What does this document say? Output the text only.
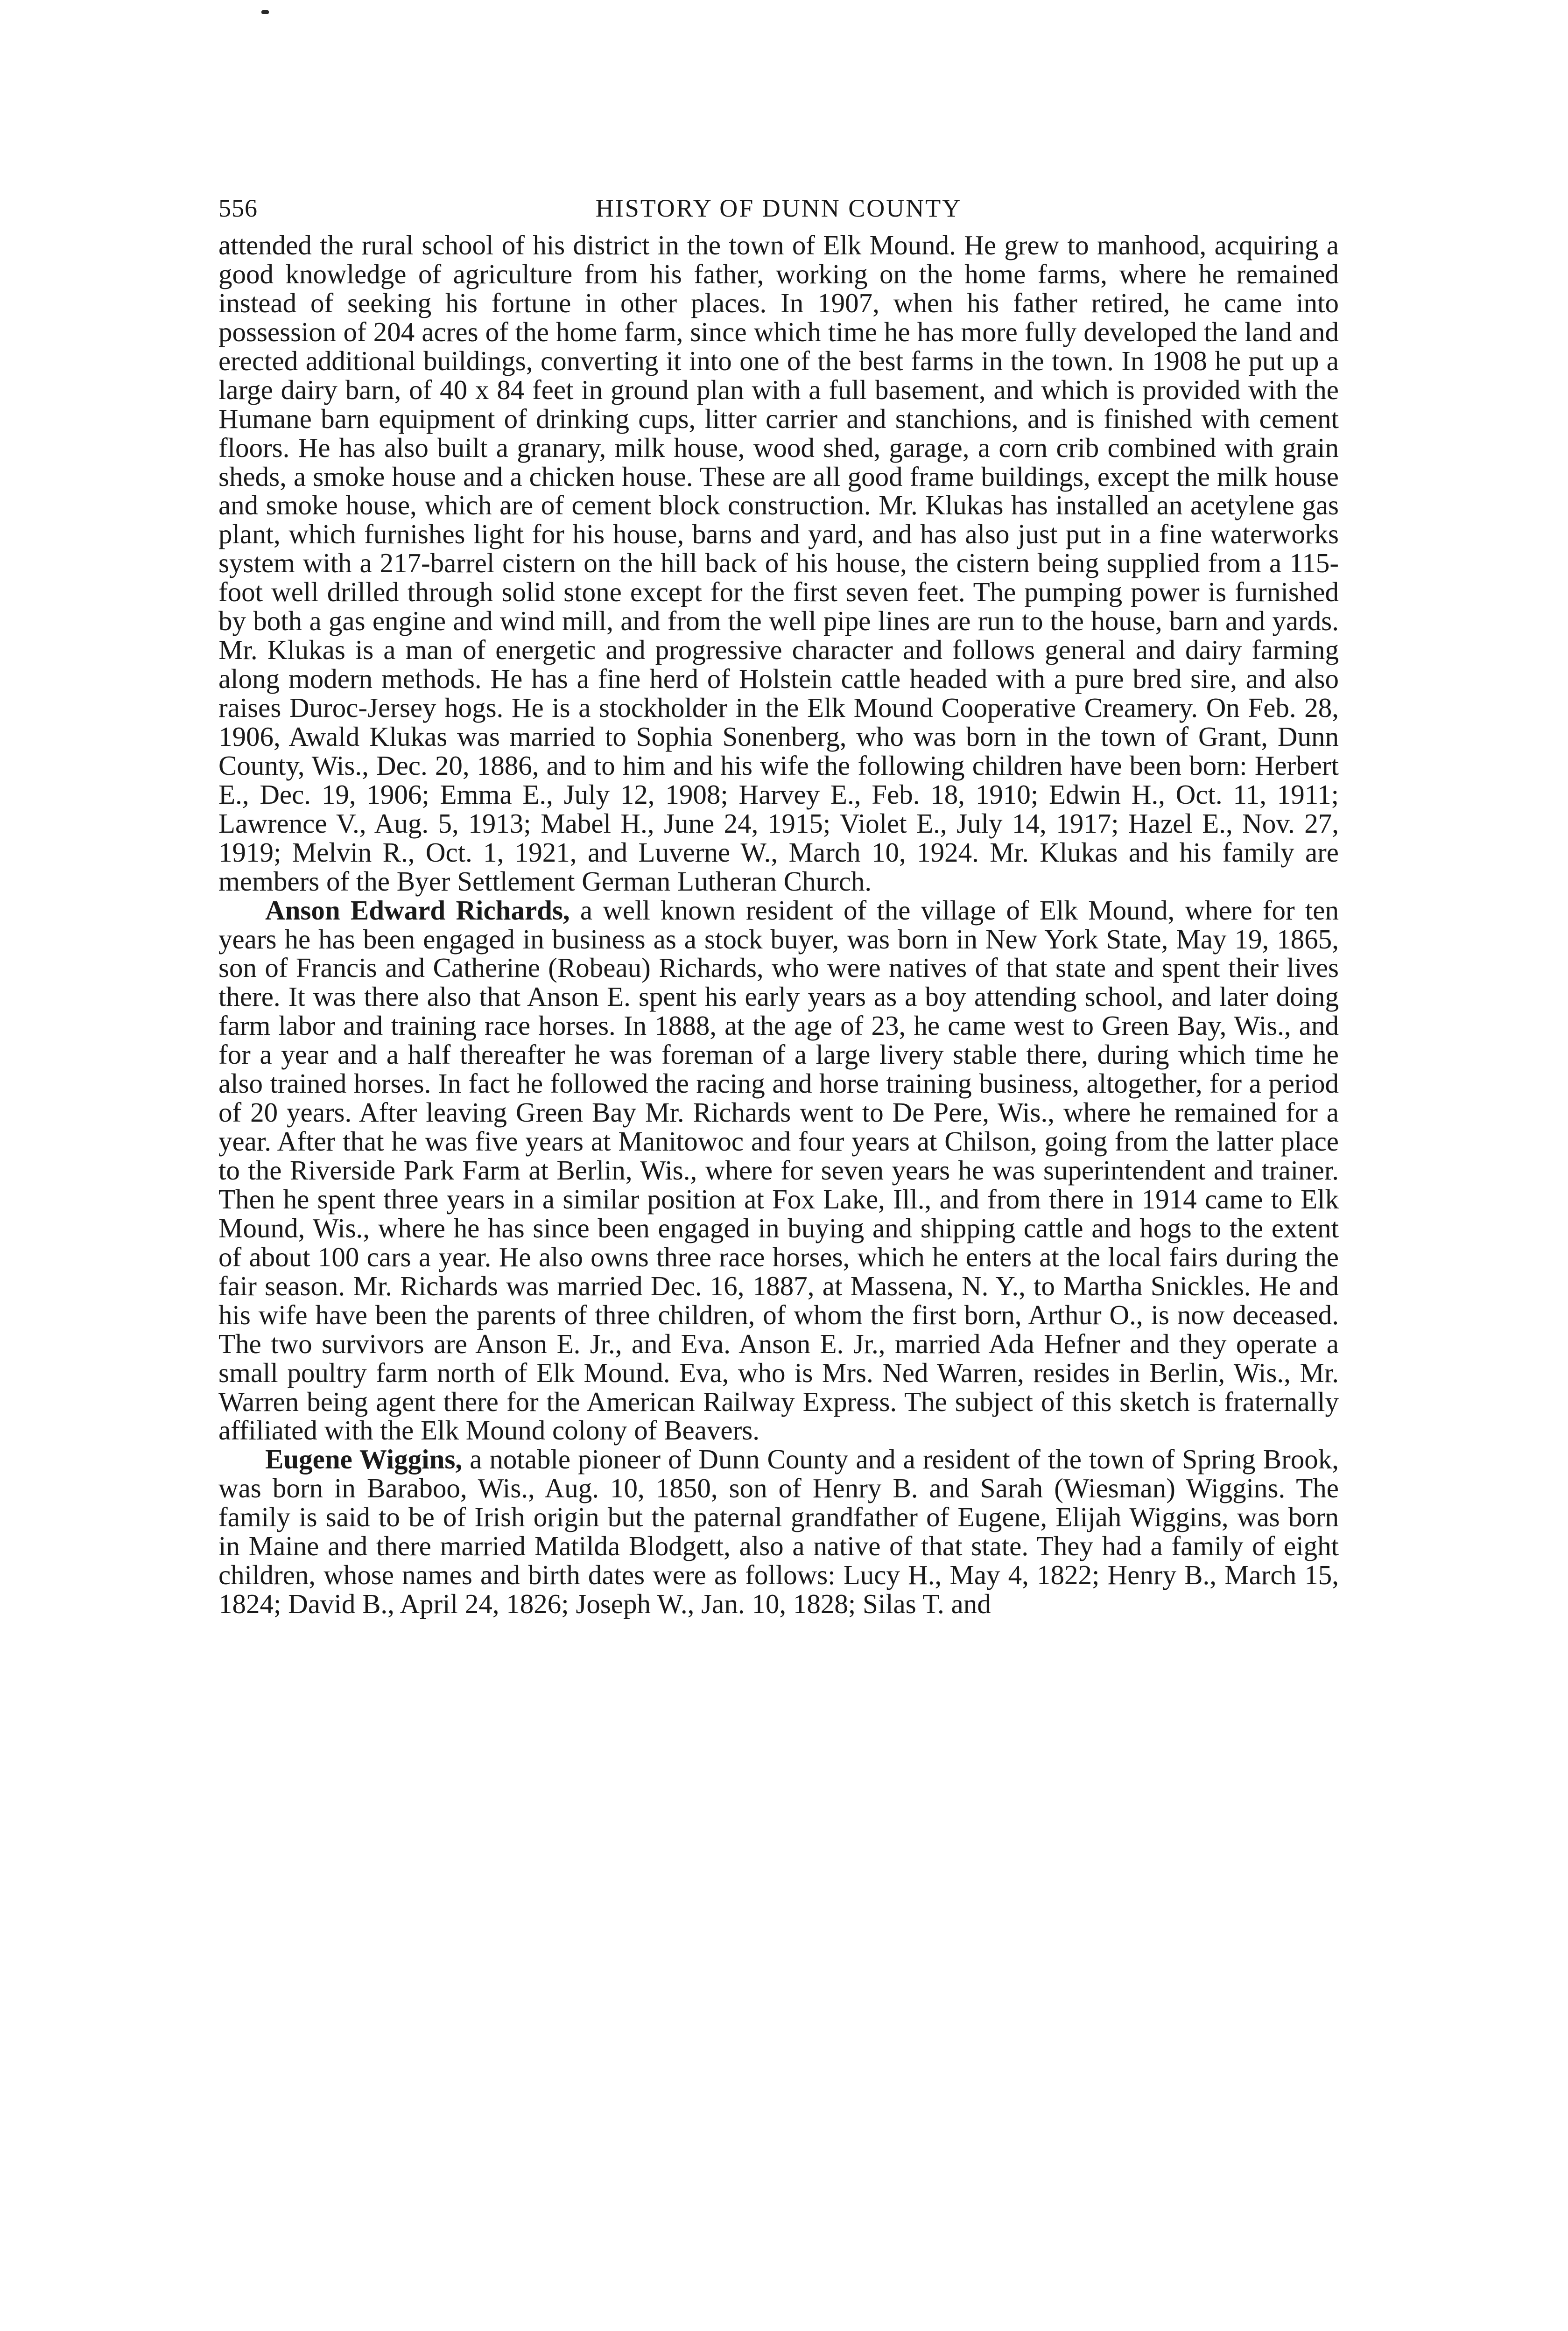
556	HISTORY OF DUNN COUNTY

attended the rural school of his district in the town of Elk Mound. He grew to manhood, acquiring a good knowledge of agriculture from his father, working on the home farms, where he remained instead of seeking his fortune in other places. In 1907, when his father retired, he came into possession of 204 acres of the home farm, since which time he has more fully developed the land and erected additional buildings, converting it into one of the best farms in the town. In 1908 he put up a large dairy barn, of 40 x 84 feet in ground plan with a full basement, and which is provided with the Humane barn equipment of drinking cups, litter carrier and stanchions, and is finished with cement floors. He has also built a granary, milk house, wood shed, garage, a corn crib combined with grain sheds, a smoke house and a chicken house. These are all good frame buildings, except the milk house and smoke house, which are of cement block construction. Mr. Klukas has installed an acetylene gas plant, which furnishes light for his house, barns and yard, and has also just put in a fine waterworks system with a 217-barrel cistern on the hill back of his house, the cistern being supplied from a 115-foot well drilled through solid stone except for the first seven feet. The pumping power is furnished by both a gas engine and wind mill, and from the well pipe lines are run to the house, barn and yards. Mr. Klukas is a man of energetic and progressive character and follows general and dairy farming along modern methods. He has a fine herd of Holstein cattle headed with a pure bred sire, and also raises Duroc-Jersey hogs. He is a stockholder in the Elk Mound Cooperative Creamery. On Feb. 28, 1906, Awald Klukas was married to Sophia Sonenberg, who was born in the town of Grant, Dunn County, Wis., Dec. 20, 1886, and to him and his wife the following children have been born: Herbert E., Dec. 19, 1906; Emma E., July 12, 1908; Harvey E., Feb. 18, 1910; Edwin H., Oct. 11, 1911; Lawrence V., Aug. 5, 1913; Mabel H., June 24, 1915; Violet E., July 14, 1917; Hazel E., Nov. 27, 1919; Melvin R., Oct. 1, 1921, and Luverne W., March 10, 1924. Mr. Klukas and his family are members of the Byer Settlement German Lutheran Church.

Anson Edward Richards, a well known resident of the village of Elk Mound, where for ten years he has been engaged in business as a stock buyer, was born in New York State, May 19, 1865, son of Francis and Catherine (Robeau) Richards, who were natives of that state and spent their lives there. It was there also that Anson E. spent his early years as a boy attending school, and later doing farm labor and training race horses. In 1888, at the age of 23, he came west to Green Bay, Wis., and for a year and a half thereafter he was foreman of a large livery stable there, during which time he also trained horses. In fact he followed the racing and horse training business, altogether, for a period of 20 years. After leaving Green Bay Mr. Richards went to De Pere, Wis., where he remained for a year. After that he was five years at Manitowoc and four years at Chilson, going from the latter place to the Riverside Park Farm at Berlin, Wis., where for seven years he was superintendent and trainer. Then he spent three years in a similar position at Fox Lake, Ill., and from there in 1914 came to Elk Mound, Wis., where he has since been engaged in buying and shipping cattle and hogs to the extent of about 100 cars a year. He also owns three race horses, which he enters at the local fairs during the fair season. Mr. Richards was married Dec. 16, 1887, at Massena, N. Y., to Martha Snickles. He and his wife have been the parents of three children, of whom the first born, Arthur O., is now deceased. The two survivors are Anson E. Jr., and Eva. Anson E. Jr., married Ada Hefner and they operate a small poultry farm north of Elk Mound. Eva, who is Mrs. Ned Warren, resides in Berlin, Wis., Mr. Warren being agent there for the American Railway Express. The subject of this sketch is fraternally affiliated with the Elk Mound colony of Beavers.

Eugene Wiggins, a notable pioneer of Dunn County and a resident of the town of Spring Brook, was born in Baraboo, Wis., Aug. 10, 1850, son of Henry B. and Sarah (Wiesman) Wiggins. The family is said to be of Irish origin but the paternal grandfather of Eugene, Elijah Wiggins, was born in Maine and there married Matilda Blodgett, also a native of that state. They had a family of eight children, whose names and birth dates were as follows: Lucy H., May 4, 1822; Henry B., March 15, 1824; David B., April 24, 1826; Joseph W., Jan. 10, 1828; Silas T. and
